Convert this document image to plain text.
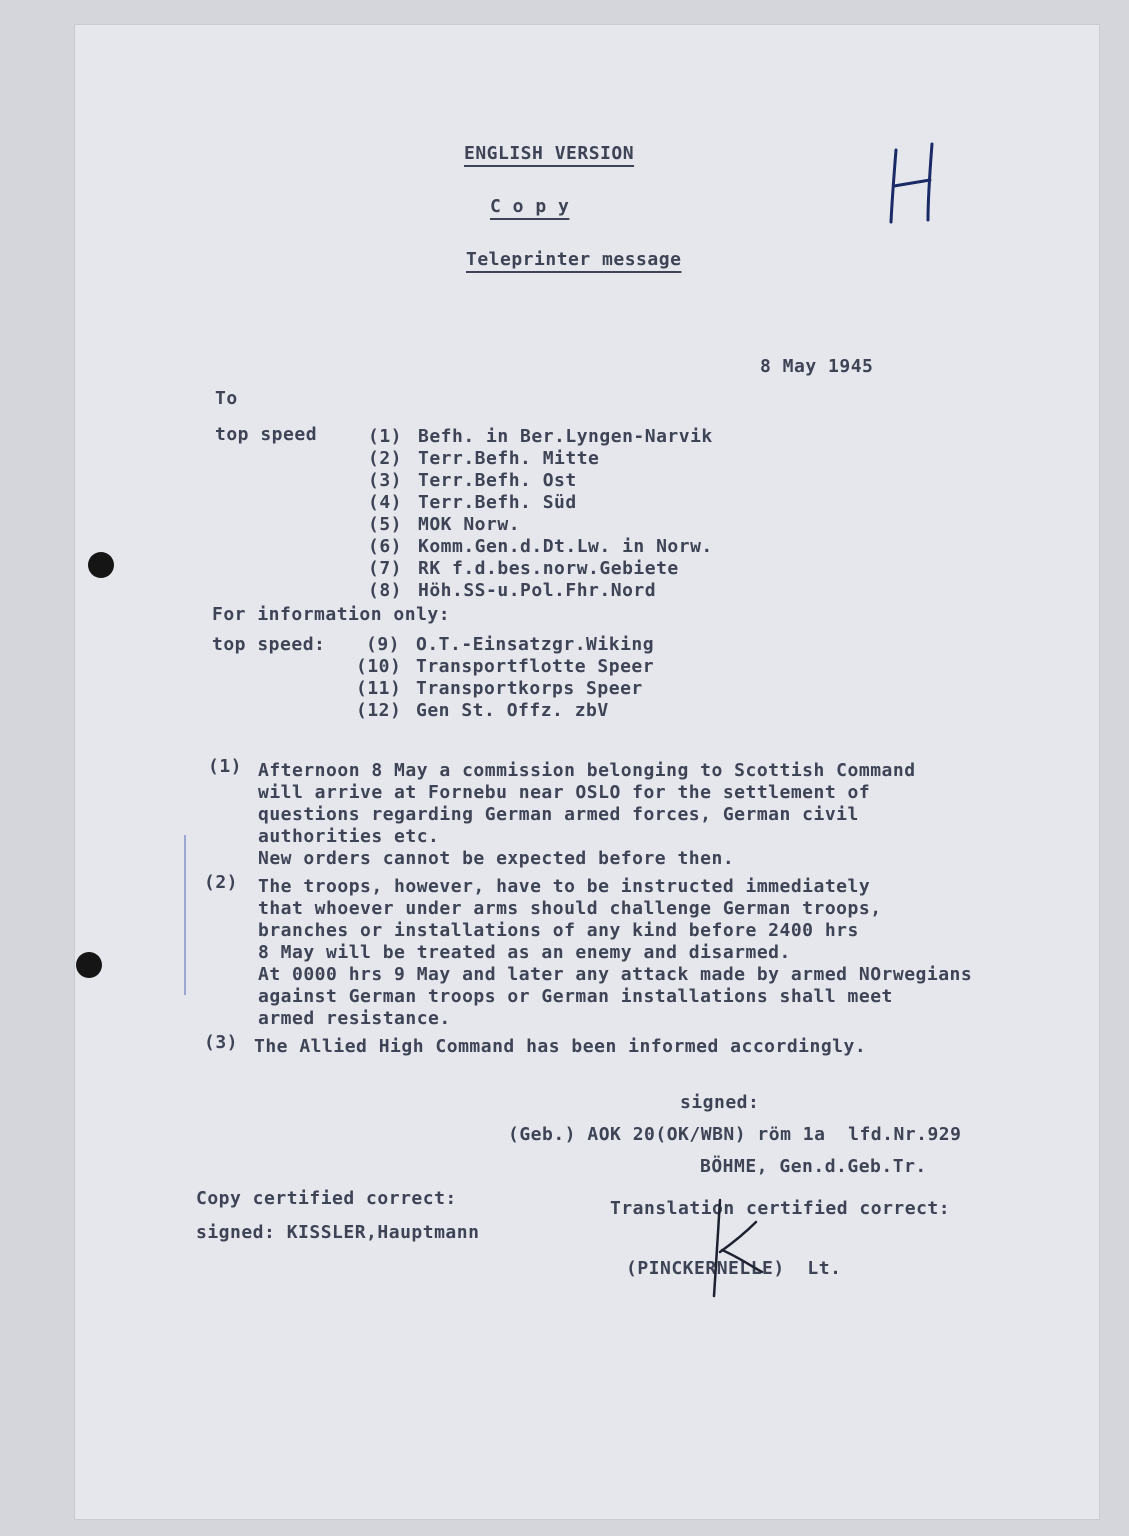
ENGLISH VERSION
C o p y
Teleprinter message
8 May 1945
To
top speed	(1) Befh. in Ber.Lyngen-Narvik
(2) Terr.Befh. Mitte
(3) Terr.Befh. Ost
(4) Terr.Befh. Süd
(5) MOK Norw.
(6) Komm.Gen.d.Dt.Lw. in Norw.
(7) RK f.d.bes.norw.Gebiete
(8) Höh.SS-u.Pol.Fhr.Nord
For information only:
top speed: (9) O.T.-Einsatzgr.Wiking
(10) Transportflotte Speer
(11) Transportkorps Speer
(12) Gen St. Offz. zbV
(1) Afternoon 8 May a commission belonging to Scottish Command
will arrive at Fornebu near OSLO for the settlement of
questions regarding German armed forces, German civil
authorities etc.
New orders cannot be expected before then.
(2) The troops, however, have to be instructed immediately
that whoever under arms should challenge German troops,
branches or installations of any kind before 2400 hrs
8 May will be treated as an enemy and disarmed.
At 0000 hrs 9 May and later any attack made by armed NOrwegians
against German troops or German installations shall meet
armed resistance.
(3) The Allied High Command has been informed accordingly.
signed:
(Geb.) AOK 20(OK/WBN) röm 1a  lfd.Nr.929
BÖHME, Gen.d.Geb.Tr.
Copy certified correct:
signed: KISSLER,Hauptmann
Translation certified correct:
(PINCKERNELLE)  Lt.
